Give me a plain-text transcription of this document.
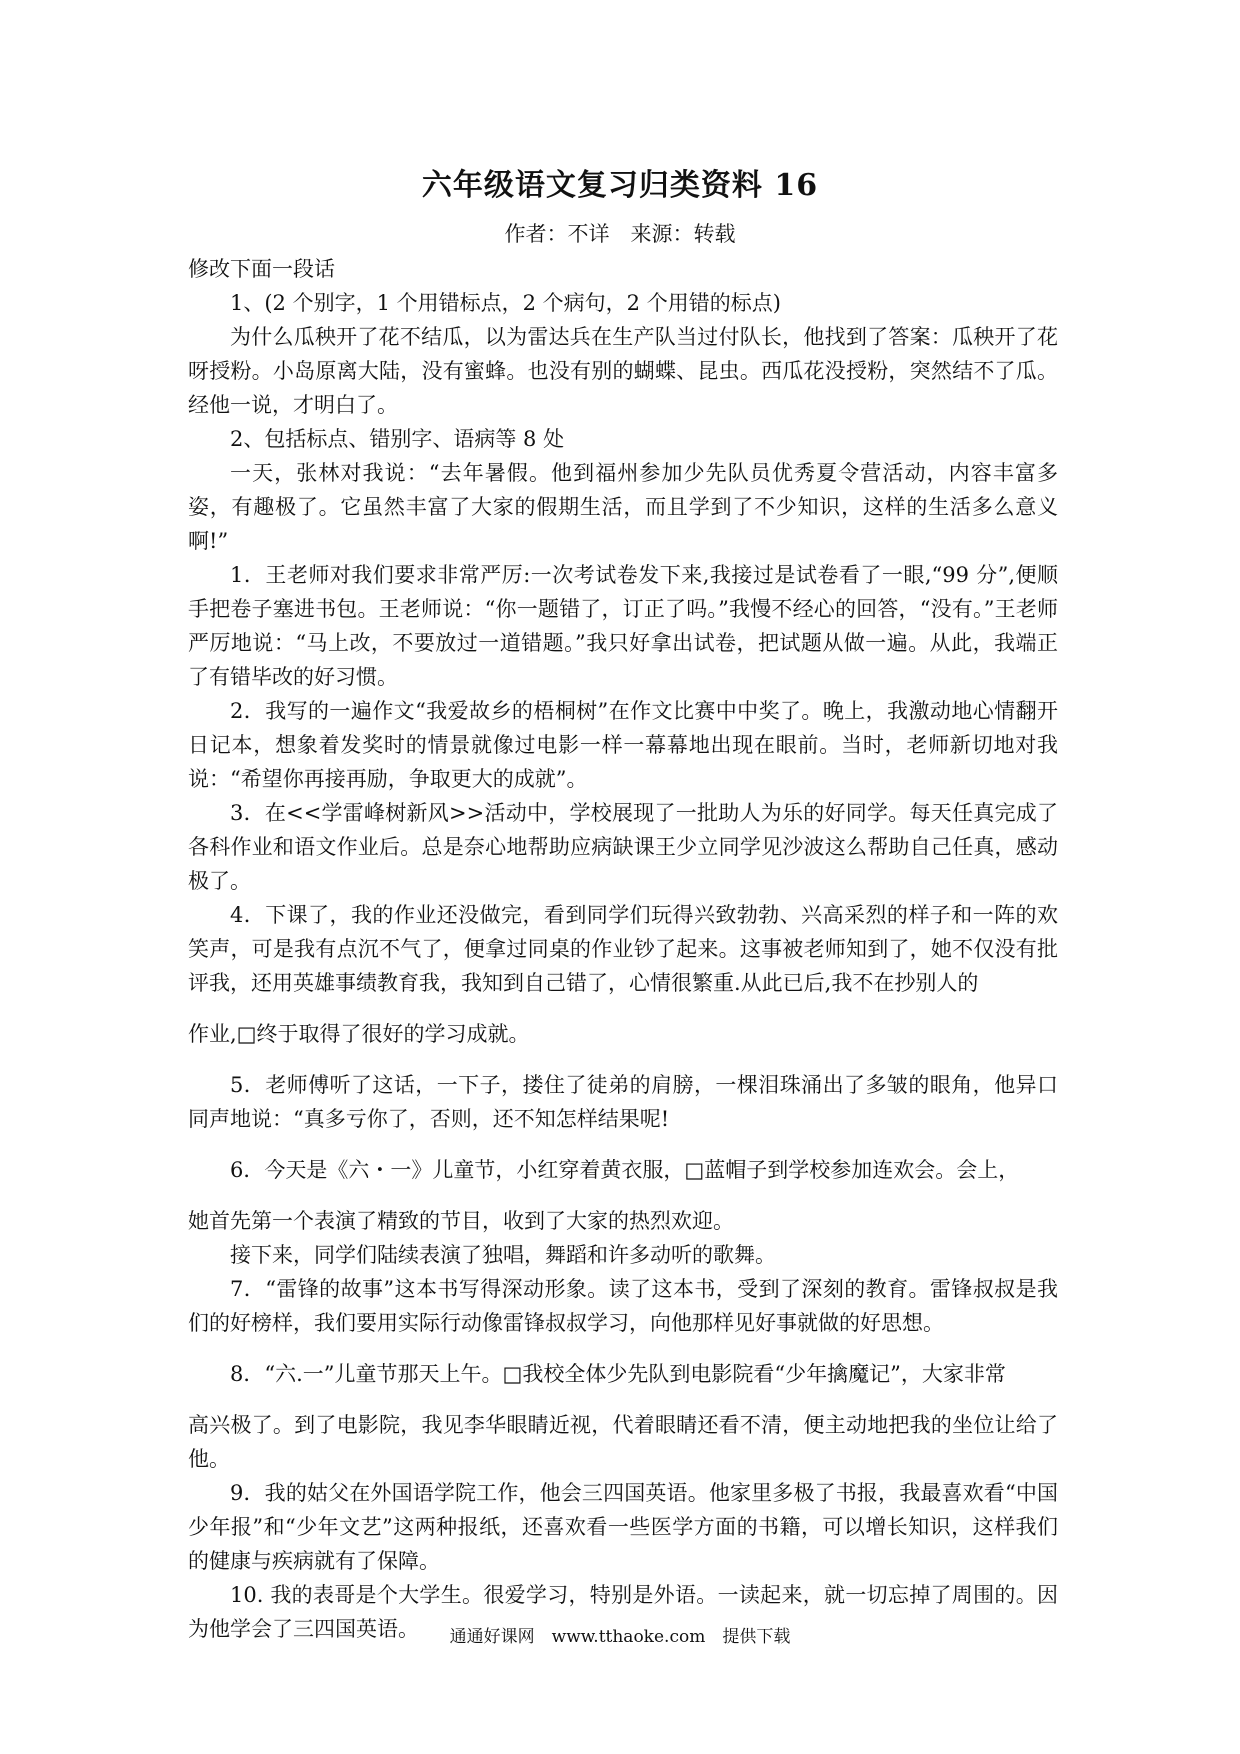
六年级语文复习归类资料 16
作者：不详　来源：转载

修改下面一段话

1、(2 个别字，1 个用错标点，2 个病句，2 个用错的标点)

为什么瓜秧开了花不结瓜，以为雷达兵在生产队当过付队长，他找到了答案：瓜秧开了花呀授粉。小岛原离大陆，没有蜜蜂。也没有别的蝴蝶、昆虫。西瓜花没授粉，突然结不了瓜。经他一说，才明白了。

2、包括标点、错别字、语病等 8 处

一天，张林对我说：“去年暑假。他到福州参加少先队员优秀夏令营活动，内容丰富多姿，有趣极了。它虽然丰富了大家的假期生活，而且学到了不少知识，这样的生活多么意义啊!”

1．王老师对我们要求非常严厉:一次考试卷发下来,我接过是试卷看了一眼,“99 分”,便顺手把卷子塞进书包。王老师说：“你一题错了，订正了吗。”我慢不经心的回答，“没有。”王老师严厉地说：“马上改，不要放过一道错题。”我只好拿出试卷，把试题从做一遍。从此，我端正了有错毕改的好习惯。

2．我写的一遍作文“我爱故乡的梧桐树”在作文比赛中中奖了。晚上，我激动地心情翻开日记本，想象着发奖时的情景就像过电影一样一幕幕地出现在眼前。当时，老师新切地对我说：“希望你再接再励，争取更大的成就”。

3．在<<学雷峰树新风>>活动中，学校展现了一批助人为乐的好同学。每天任真完成了各科作业和语文作业后。总是奈心地帮助应病缺课王少立同学见沙波这么帮助自己任真，感动极了。

4．下课了，我的作业还没做完，看到同学们玩得兴致勃勃、兴高采烈的样子和一阵的欢笑声，可是我有点沉不气了，便拿过同桌的作业钞了起来。这事被老师知到了，她不仅没有批评我，还用英雄事绩教育我，我知到自己错了，心情很繁重.从此已后,我不在抄别人的

作业,□终于取得了很好的学习成就。

5．老师傅听了这话，一下子，搂住了徒弟的肩膀，一棵泪珠涌出了多皱的眼角，他异口同声地说：“真多亏你了，否则，还不知怎样结果呢!

6．今天是《六・一》儿童节，小红穿着黄衣服，□蓝帽子到学校参加连欢会。会上，

她首先第一个表演了精致的节目，收到了大家的热烈欢迎。

接下来，同学们陆续表演了独唱，舞蹈和许多动听的歌舞。

7．“雷锋的故事”这本书写得深动形象。读了这本书，受到了深刻的教育。雷锋叔叔是我们的好榜样，我们要用实际行动像雷锋叔叔学习，向他那样见好事就做的好思想。

8．“六.一”儿童节那天上午。□我校全体少先队到电影院看“少年擒魔记”，大家非常

高兴极了。到了电影院，我见李华眼睛近视，代着眼睛还看不清，便主动地把我的坐位让给了他。

9．我的姑父在外国语学院工作，他会三四国英语。他家里多极了书报，我最喜欢看“中国少年报”和“少年文艺”这两种报纸，还喜欢看一些医学方面的书籍，可以增长知识，这样我们的健康与疾病就有了保障。

10. 我的表哥是个大学生。很爱学习，特别是外语。一读起来，就一切忘掉了周围的。因为他学会了三四国英语。	通通好课网　www.tthaoke.com　提供下载
